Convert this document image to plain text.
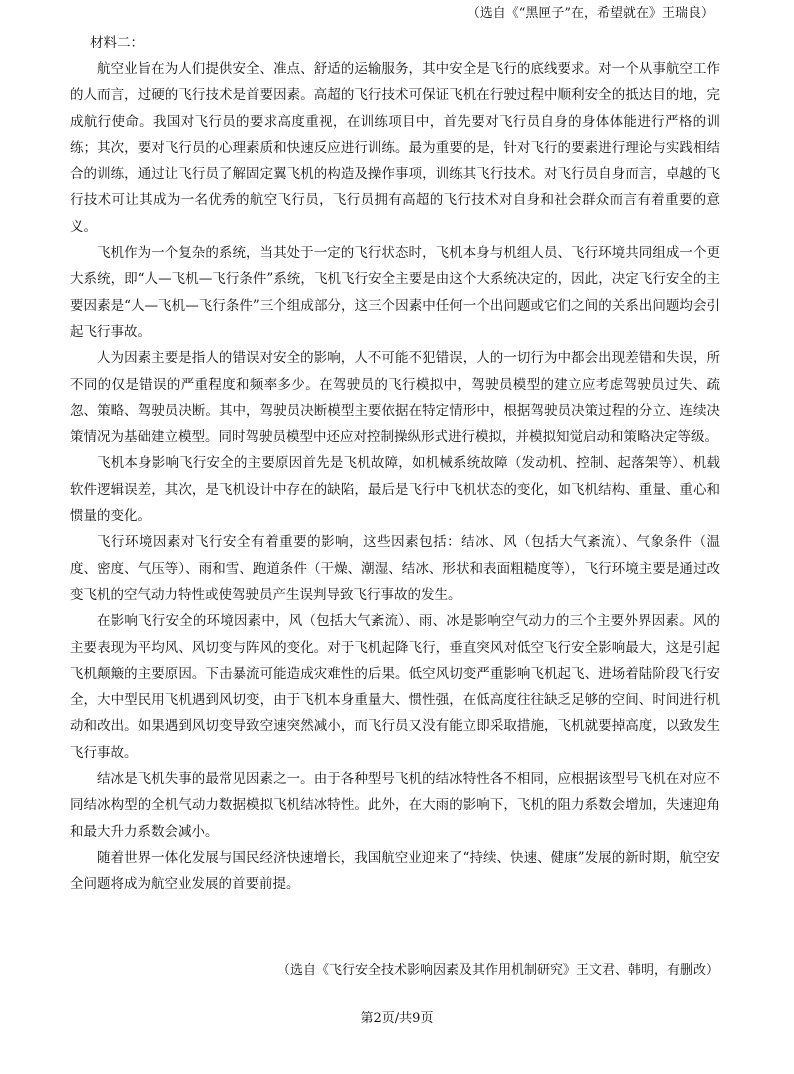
（选自《“黑匣子”在，希望就在》王瑞良）
材料二：

航空业旨在为人们提供安全、准点、舒适的运输服务，其中安全是飞行的底线要求。对一个从事航空工作的人而言，过硬的飞行技术是首要因素。高超的飞行技术可保证飞机在行驶过程中顺利安全的抵达目的地，完成航行使命。我国对飞行员的要求高度重视，在训练项目中，首先要对飞行员自身的身体体能进行严格的训练；其次，要对飞行员的心理素质和快速反应进行训练。最为重要的是，针对飞行的要素进行理论与实践相结合的训练，通过让飞行员了解固定翼飞机的构造及操作事项，训练其飞行技术。对飞行员自身而言，卓越的飞行技术可让其成为一名优秀的航空飞行员，飞行员拥有高超的飞行技术对自身和社会群众而言有着重要的意义。

飞机作为一个复杂的系统，当其处于一定的飞行状态时，飞机本身与机组人员、飞行环境共同组成一个更大系统，即“人—飞机—飞行条件”系统，飞机飞行安全主要是由这个大系统决定的，因此，决定飞行安全的主要因素是“人—飞机—飞行条件”三个组成部分，这三个因素中任何一个出问题或它们之间的关系出问题均会引起飞行事故。

人为因素主要是指人的错误对安全的影响，人不可能不犯错误，人的一切行为中都会出现差错和失误，所不同的仅是错误的严重程度和频率多少。在驾驶员的飞行模拟中，驾驶员模型的建立应考虑驾驶员过失、疏忽、策略、驾驶员决断。其中，驾驶员决断模型主要依据在特定情形中，根据驾驶员决策过程的分立、连续决策情况为基础建立模型。同时驾驶员模型中还应对控制操纵形式进行模拟，并模拟知觉启动和策略决定等级。

飞机本身影响飞行安全的主要原因首先是飞机故障，如机械系统故障（发动机、控制、起落架等）、机载软件逻辑误差，其次，是飞机设计中存在的缺陷，最后是飞行中飞机状态的变化，如飞机结构、重量、重心和惯量的变化。

飞行环境因素对飞行安全有着重要的影响，这些因素包括：结冰、风（包括大气紊流）、气象条件（温度、密度、气压等）、雨和雪、跑道条件（干燥、潮湿、结冰、形状和表面粗糙度等），飞行环境主要是通过改变飞机的空气动力特性或使驾驶员产生误判导致飞行事故的发生。

在影响飞行安全的环境因素中，风（包括大气紊流）、雨、冰是影响空气动力的三个主要外界因素。风的主要表现为平均风、风切变与阵风的变化。对于飞机起降飞行，垂直突风对低空飞行安全影响最大，这是引起飞机颠簸的主要原因。下击暴流可能造成灾难性的后果。低空风切变严重影响飞机起飞、进场着陆阶段飞行安全，大中型民用飞机遇到风切变，由于飞机本身重量大、惯性强，在低高度往往缺乏足够的空间、时间进行机动和改出。如果遇到风切变导致空速突然减小，而飞行员又没有能立即采取措施，飞机就要掉高度，以致发生飞行事故。

结冰是飞机失事的最常见因素之一。由于各种型号飞机的结冰特性各不相同，应根据该型号飞机在对应不同结冰构型的全机气动力数据模拟飞机结冰特性。此外，在大雨的影响下，飞机的阻力系数会增加，失速迎角和最大升力系数会减小。

随着世界一体化发展与国民经济快速增长，我国航空业迎来了“持续、快速、健康”发展的新时期，航空安全问题将成为航空业发展的首要前提。

（选自《飞行安全技术影响因素及其作用机制研究》王文君、韩明，有删改）
第2页/共9页
